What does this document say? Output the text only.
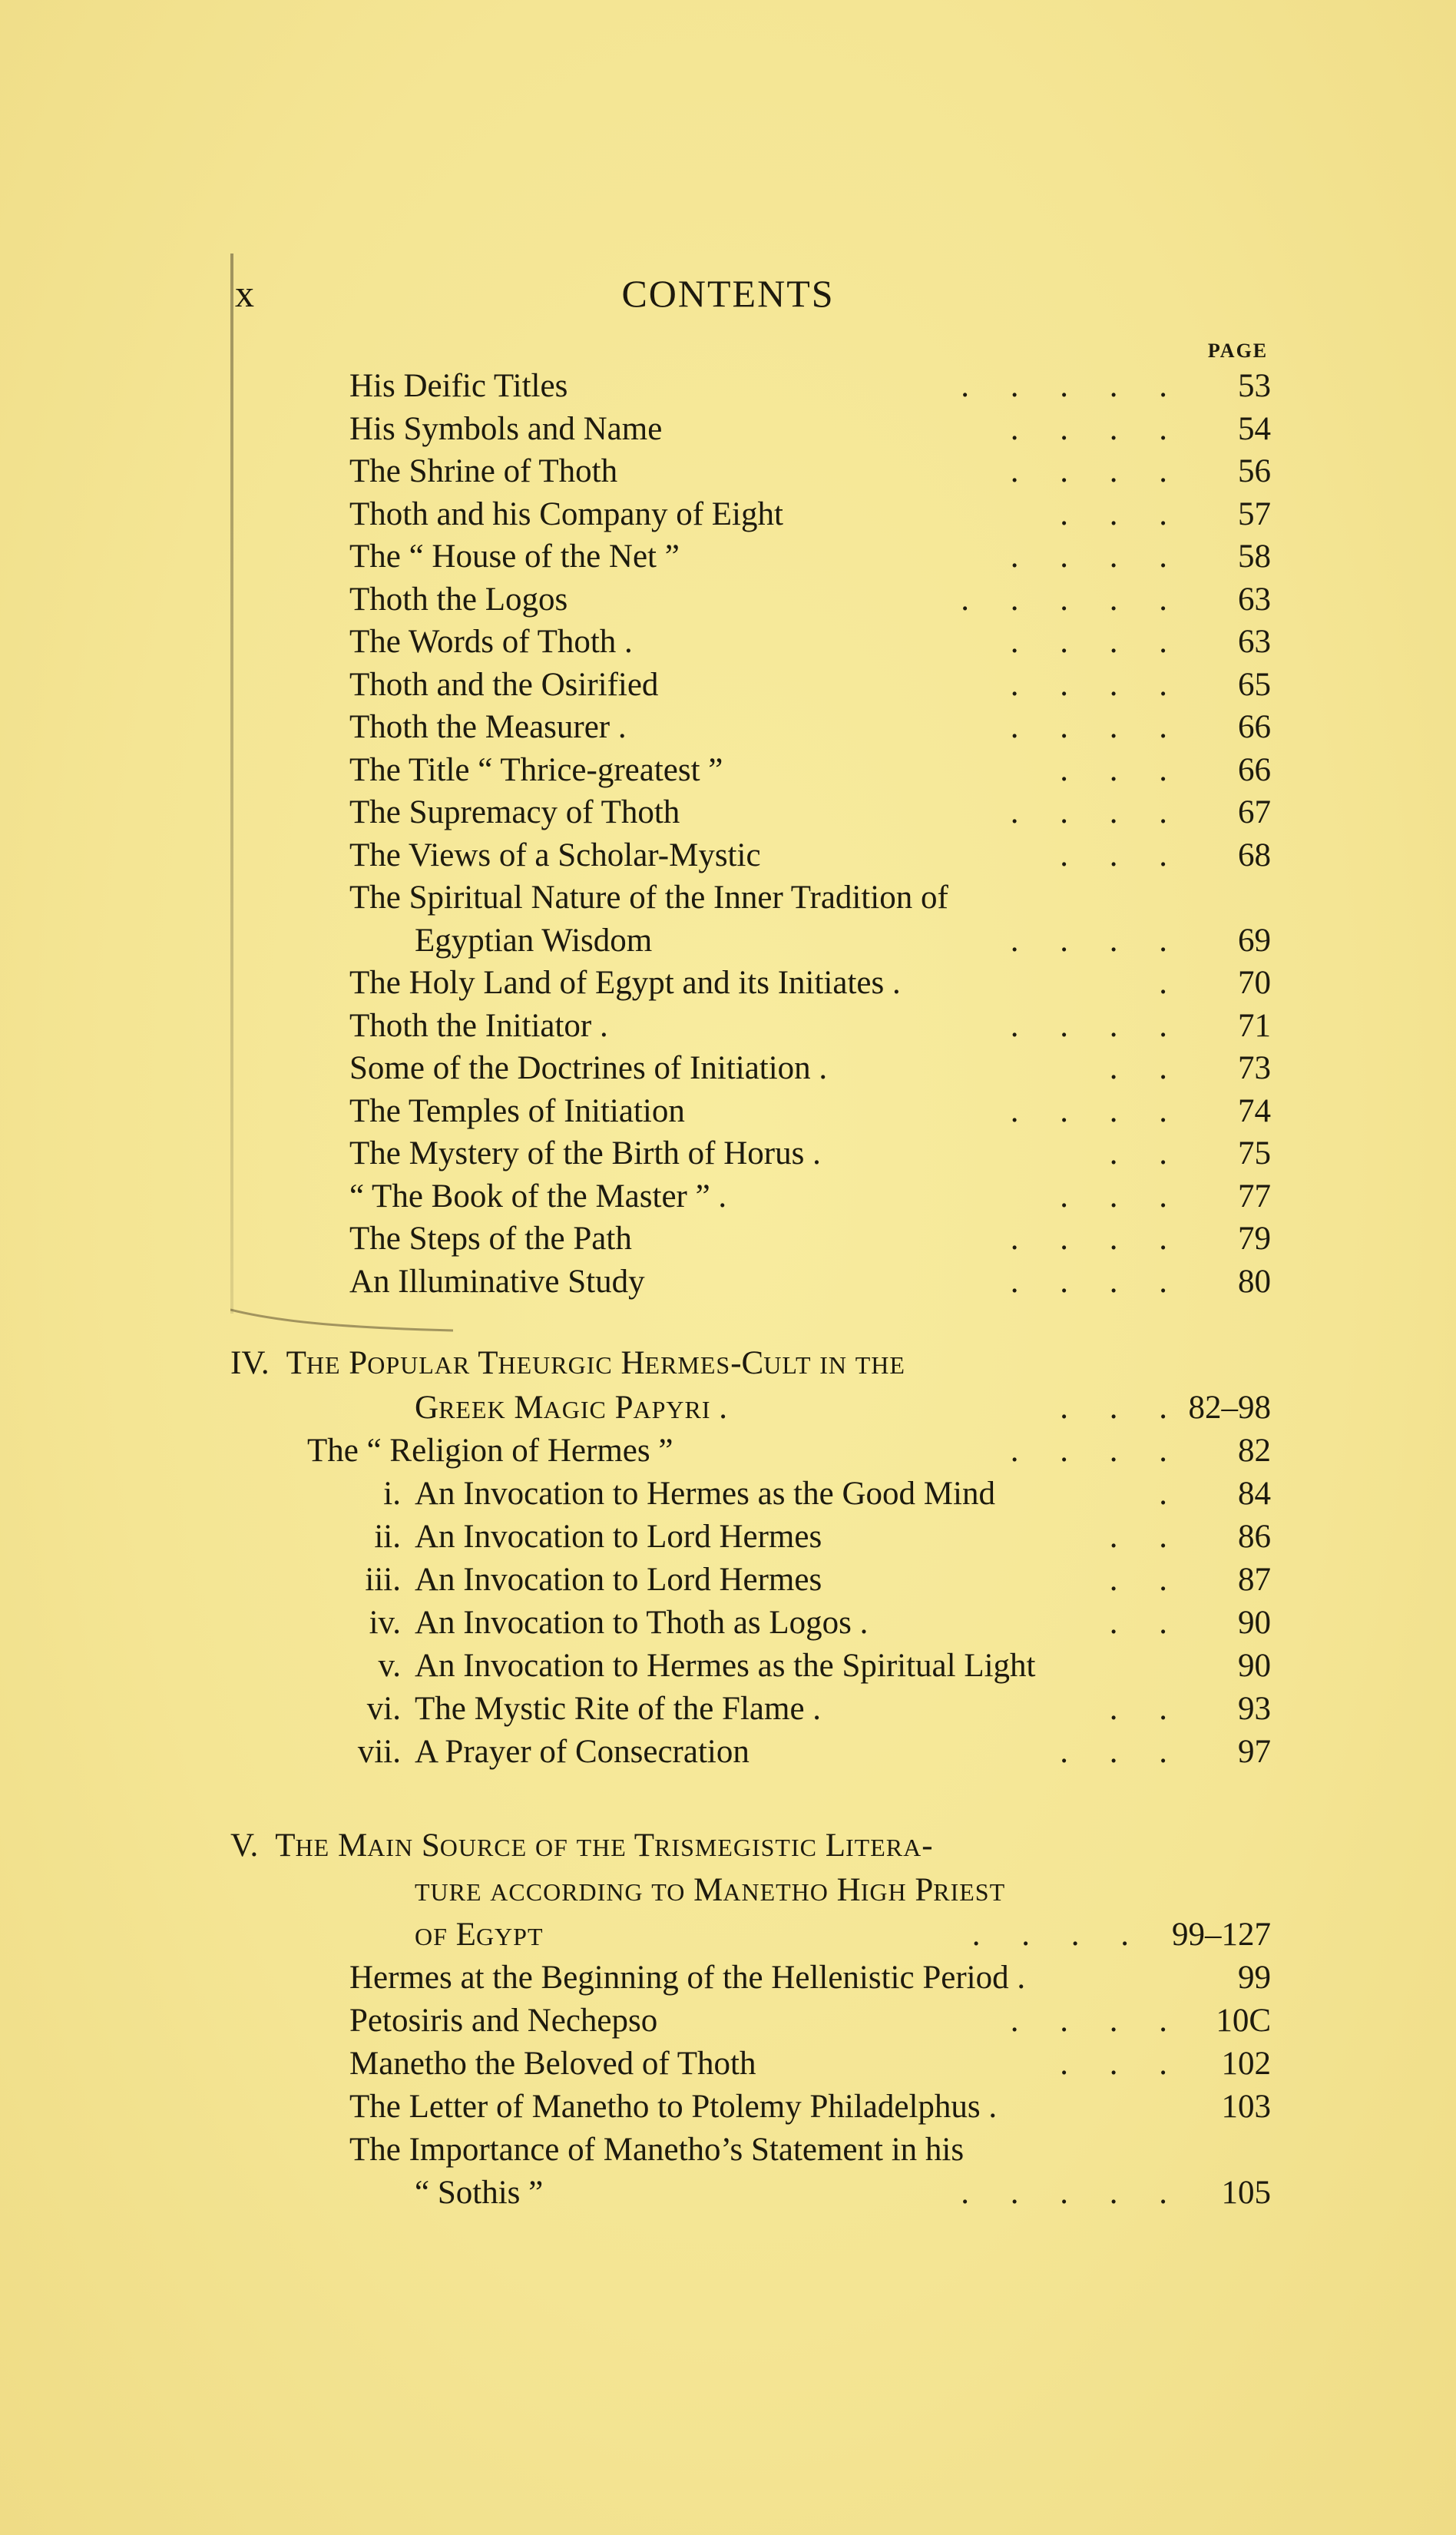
x	CONTENTS
PAGE
His Deific Titles	.     .     .     .     .	53
His Symbols and Name	.     .     .     .	54
The Shrine of Thoth	.     .     .     .	56
Thoth and his Company of Eight	.     .     .	57
The “ House of the Net ”	.     .     .     .	58
Thoth the Logos	.     .     .     .     .	63
The Words of Thoth .	.     .     .     .	63
Thoth and the Osirified	.     .     .     .	65
Thoth the Measurer .	.     .     .     .	66
The Title “ Thrice-greatest ”	.     .     .	66
The Supremacy of Thoth	.     .     .     .	67
The Views of a Scholar-Mystic	.     .     .	68
The Spiritual Nature of the Inner Tradition of
Egyptian Wisdom	.     .     .     .	69
The Holy Land of Egypt and its Initiates .	.	70
Thoth the Initiator .	.     .     .     .	71
Some of the Doctrines of Initiation .	.     .	73
The Temples of Initiation	.     .     .     .	74
The Mystery of the Birth of Horus .	.     .	75
“ The Book of the Master ” .	.     .     .	77
The Steps of the Path	.     .     .     .	79
An Illuminative Study	.     .     .     .	80
IV. THE POPULAR THEURGIC HERMES-CULT IN THE
GREEK MAGIC PAPYRI .	.     .     . 82–98
The “ Religion of Hermes ”	.     .     .     .	82
i. An Invocation to Hermes as the Good Mind	.	84
ii. An Invocation to Lord Hermes	.     .	86
iii. An Invocation to Lord Hermes	.     .	87
iv. An Invocation to Thoth as Logos .	.     .	90
v. An Invocation to Hermes as the Spiritual Light	90
vi. The Mystic Rite of the Flame .	.     .	93
vii. A Prayer of Consecration	.     .     .	97
V. THE MAIN SOURCE OF THE TRISMEGISTIC LITERA-
TURE ACCORDING TO MANETHO HIGH PRIEST
OF EGYPT	.     .     .     .	99–127
Hermes at the Beginning of the Hellenistic Period .	99
Petosiris and Nechepso	.     .     .     .	10C
Manetho the Beloved of Thoth	.     .     .	102
The Letter of Manetho to Ptolemy Philadelphus .	103
The Importance of Manetho’s Statement in his
“ Sothis ”	.     .     .     .     .	105
